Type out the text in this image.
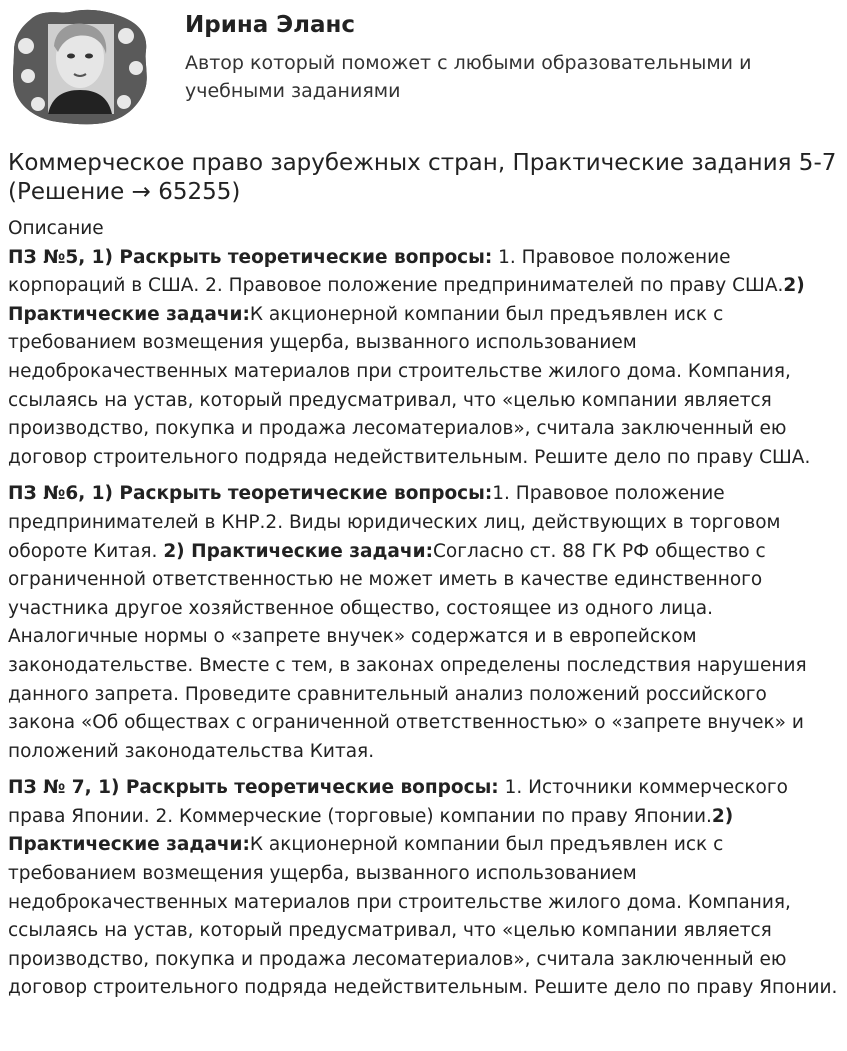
Ирина Эланс
Автор который поможет с любыми образовательными и учебными заданиями
Коммерческое право зарубежных стран, Практические задания 5-7 (Решение → 65255)
Описание

ПЗ №5, 1) Раскрыть теоретические вопросы: 1. Правовое положение корпораций в США. 2. Правовое положение предпринимателей по праву США.2) Практические задачи:К акционерной компании был предъявлен иск с требованием возмещения ущерба, вызванного использованием недоброкачественных материалов при строительстве жилого дома. Компания, ссылаясь на устав, который предусматривал, что «целью компании является производство, покупка и продажа лесоматериалов», считала заключенный ею договор строительного подряда недействительным. Решите дело по праву США.

ПЗ №6, 1) Раскрыть теоретические вопросы:1. Правовое положение предпринимателей в КНР.2. Виды юридических лиц, действующих в торговом обороте Китая. 2) Практические задачи:Согласно ст. 88 ГК РФ общество с ограниченной ответственностью не может иметь в качестве единственного участника другое хозяйственное общество, состоящее из одного лица. Аналогичные нормы о «запрете внучек» содержатся и в европейском законодательстве. Вместе с тем, в законах определены последствия нарушения данного запрета. Проведите сравнительный анализ положений российского закона «Об обществах с ограниченной ответственностью» о «запрете внучек» и положений законодательства Китая.

ПЗ № 7, 1) Раскрыть теоретические вопросы: 1. Источники коммерческого права Японии. 2. Коммерческие (торговые) компании по праву Японии.2) Практические задачи:К акционерной компании был предъявлен иск с требованием возмещения ущерба, вызванного использованием недоброкачественных материалов при строительстве жилого дома. Компания, ссылаясь на устав, который предусматривал, что «целью компании является производство, покупка и продажа лесоматериалов», считала заключенный ею договор строительного подряда недействительным. Решите дело по праву Японии.
